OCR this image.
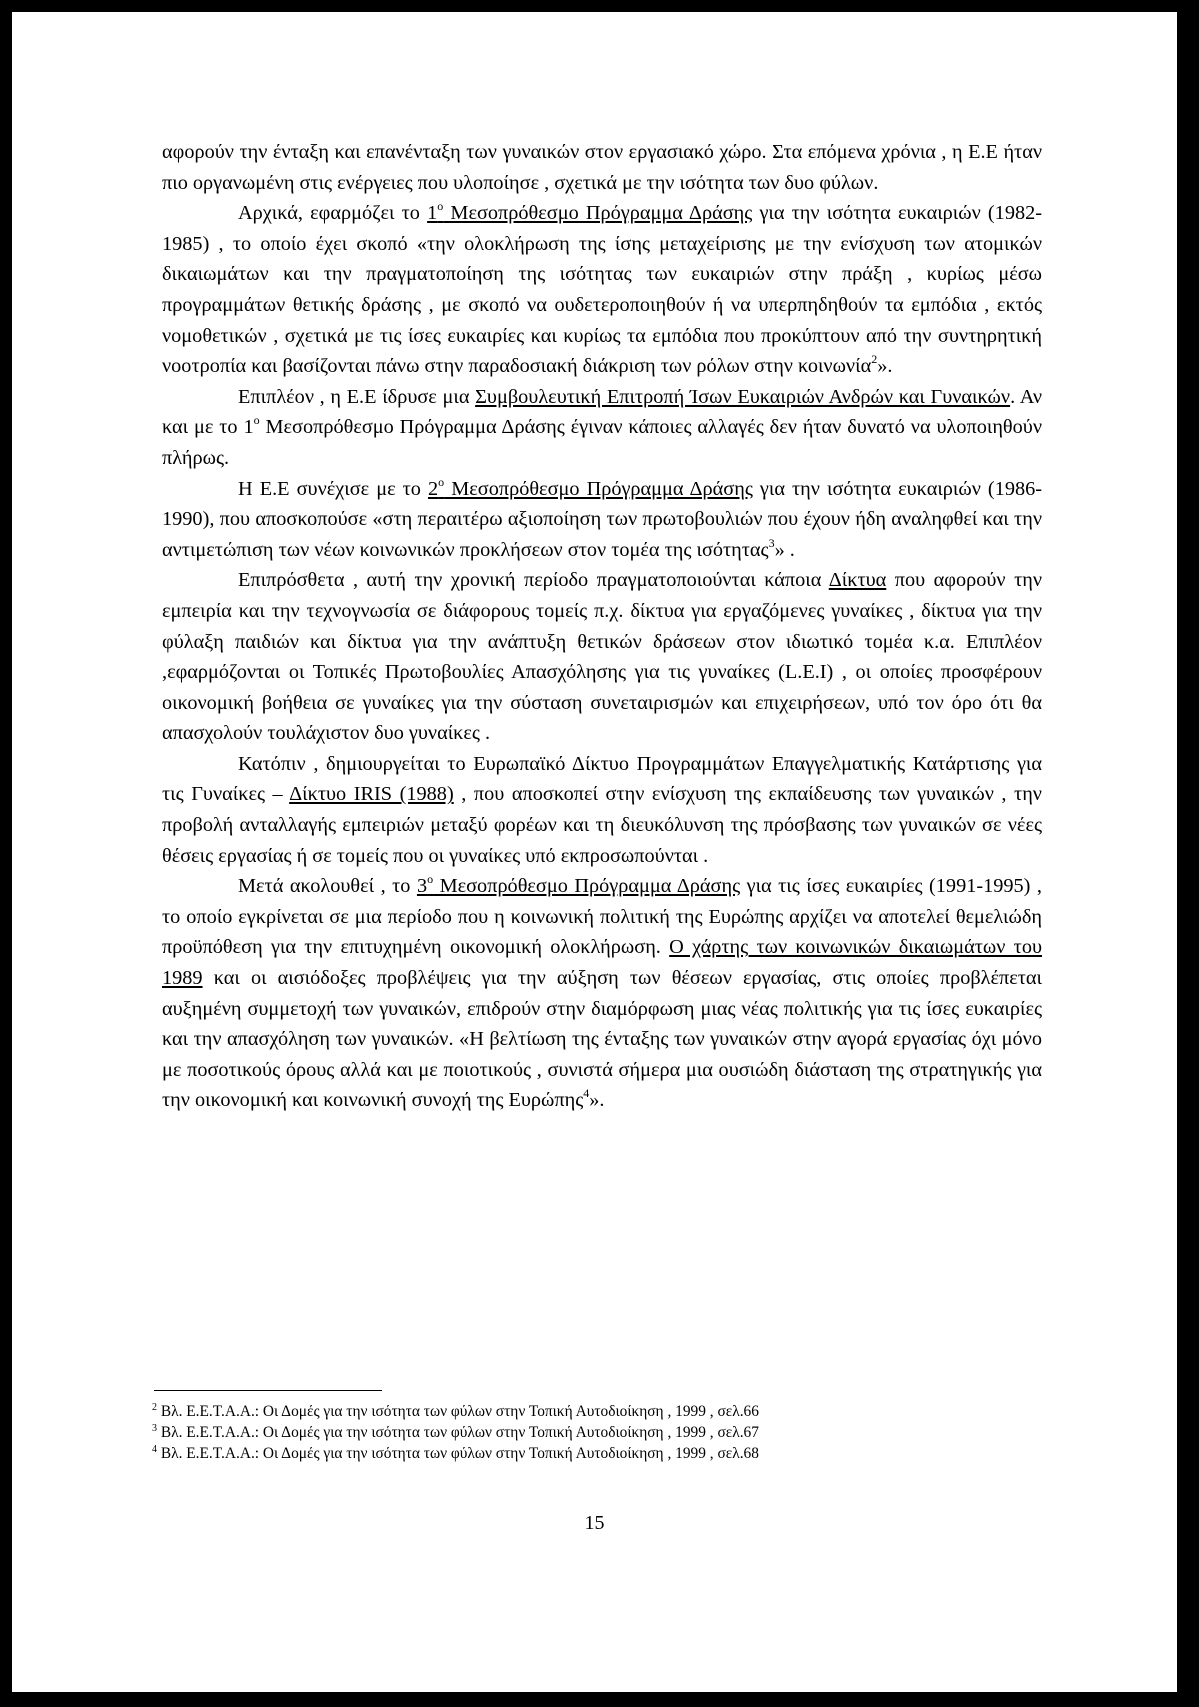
αφορούν την ένταξη και επανένταξη των γυναικών στον εργασιακό χώρο. Στα επόμενα χρόνια , η Ε.Ε ήταν πιο οργανωμένη στις ενέργειες που υλοποίησε , σχετικά με την ισότητα των δυο φύλων.

Αρχικά, εφαρμόζει το $1^o$ Μεσοπρόθεσμο Πρόγραμμα Δράσης για την ισότητα ευκαιριών (1982-1985) , το οποίο έχει σκοπό «την ολοκλήρωση της ίσης μεταχείρισης με την ενίσχυση των ατομικών δικαιωμάτων και την πραγματοποίηση της ισότητας των ευκαιριών στην πράξη , κυρίως μέσω προγραμμάτων θετικής δράσης , με σκοπό να ουδετεροποιηθούν ή να υπερπηδηθούν τα εμπόδια , εκτός νομοθετικών , σχετικά με τις ίσες ευκαιρίες και κυρίως τα εμπόδια που προκύπτουν από την συντηρητική νοοτροπία και βασίζονται πάνω στην παραδοσιακή διάκριση των ρόλων στην κοινωνία$^2$».

Επιπλέον , η Ε.Ε ίδρυσε μια Συμβουλευτική Επιτροπή Ίσων Ευκαιριών Ανδρών και Γυναικών. Αν και με το $1^o$ Μεσοπρόθεσμο Πρόγραμμα Δράσης έγιναν κάποιες αλλαγές δεν ήταν δυνατό να υλοποιηθούν πλήρως.

Η Ε.Ε συνέχισε με το $2^o$ Μεσοπρόθεσμο Πρόγραμμα Δράσης για την ισότητα ευκαιριών (1986-1990), που αποσκοπούσε «στη περαιτέρω αξιοποίηση των πρωτοβουλιών που έχουν ήδη αναληφθεί και την αντιμετώπιση των νέων κοινωνικών προκλήσεων στον τομέα της ισότητας$^3$» .

Επιπρόσθετα , αυτή την χρονική περίοδο πραγματοποιούνται κάποια Δίκτυα που αφορούν την εμπειρία και την τεχνογνωσία σε διάφορους τομείς π.χ. δίκτυα για εργαζόμενες γυναίκες , δίκτυα για την φύλαξη παιδιών και δίκτυα για την ανάπτυξη θετικών δράσεων στον ιδιωτικό τομέα κ.α. Επιπλέον ,εφαρμόζονται οι Τοπικές Πρωτοβουλίες Απασχόλησης για τις γυναίκες (L.E.I) , οι οποίες προσφέρουν οικονομική βοήθεια σε γυναίκες για την σύσταση συνεταιρισμών και επιχειρήσεων, υπό τον όρο ότι θα απασχολούν τουλάχιστον δυο γυναίκες .

Κατόπιν , δημιουργείται το Ευρωπαϊκό Δίκτυο Προγραμμάτων Επαγγελματικής Κατάρτισης για τις Γυναίκες – Δίκτυο IRIS (1988) , που αποσκοπεί στην ενίσχυση της εκπαίδευσης των γυναικών , την προβολή ανταλλαγής εμπειριών μεταξύ φορέων και τη διευκόλυνση της πρόσβασης των γυναικών σε νέες θέσεις εργασίας ή σε τομείς που οι γυναίκες υπό εκπροσωπούνται .

Μετά ακολουθεί , το $3^o$ Μεσοπρόθεσμο Πρόγραμμα Δράσης για τις ίσες ευκαιρίες (1991-1995) , το οποίο εγκρίνεται σε μια περίοδο που η κοινωνική πολιτική της Ευρώπης αρχίζει να αποτελεί θεμελιώδη προϋπόθεση για την επιτυχημένη οικονομική ολοκλήρωση. Ο χάρτης των κοινωνικών δικαιωμάτων του 1989 και οι αισιόδοξες προβλέψεις για την αύξηση των θέσεων εργασίας, στις οποίες προβλέπεται αυξημένη συμμετοχή των γυναικών, επιδρούν στην διαμόρφωση μιας νέας πολιτικής για τις ίσες ευκαιρίες και την απασχόληση των γυναικών. «Η βελτίωση της ένταξης των γυναικών στην αγορά εργασίας όχι μόνο με ποσοτικούς όρους αλλά και με ποιοτικούς , συνιστά σήμερα μια ουσιώδη διάσταση της στρατηγικής για την οικονομική και κοινωνική συνοχή της Ευρώπης$^4$».

$^2$ Βλ. Ε.Ε.Τ.Α.Α.: Οι Δομές για την ισότητα των φύλων στην Τοπική Αυτοδιοίκηση , 1999 , σελ.66

$^3$ Βλ. Ε.Ε.Τ.Α.Α.: Οι Δομές για την ισότητα των φύλων στην Τοπική Αυτοδιοίκηση , 1999 , σελ.67

$^4$ Βλ. Ε.Ε.Τ.Α.Α.: Οι Δομές για την ισότητα των φύλων στην Τοπική Αυτοδιοίκηση , 1999 , σελ.68

15
